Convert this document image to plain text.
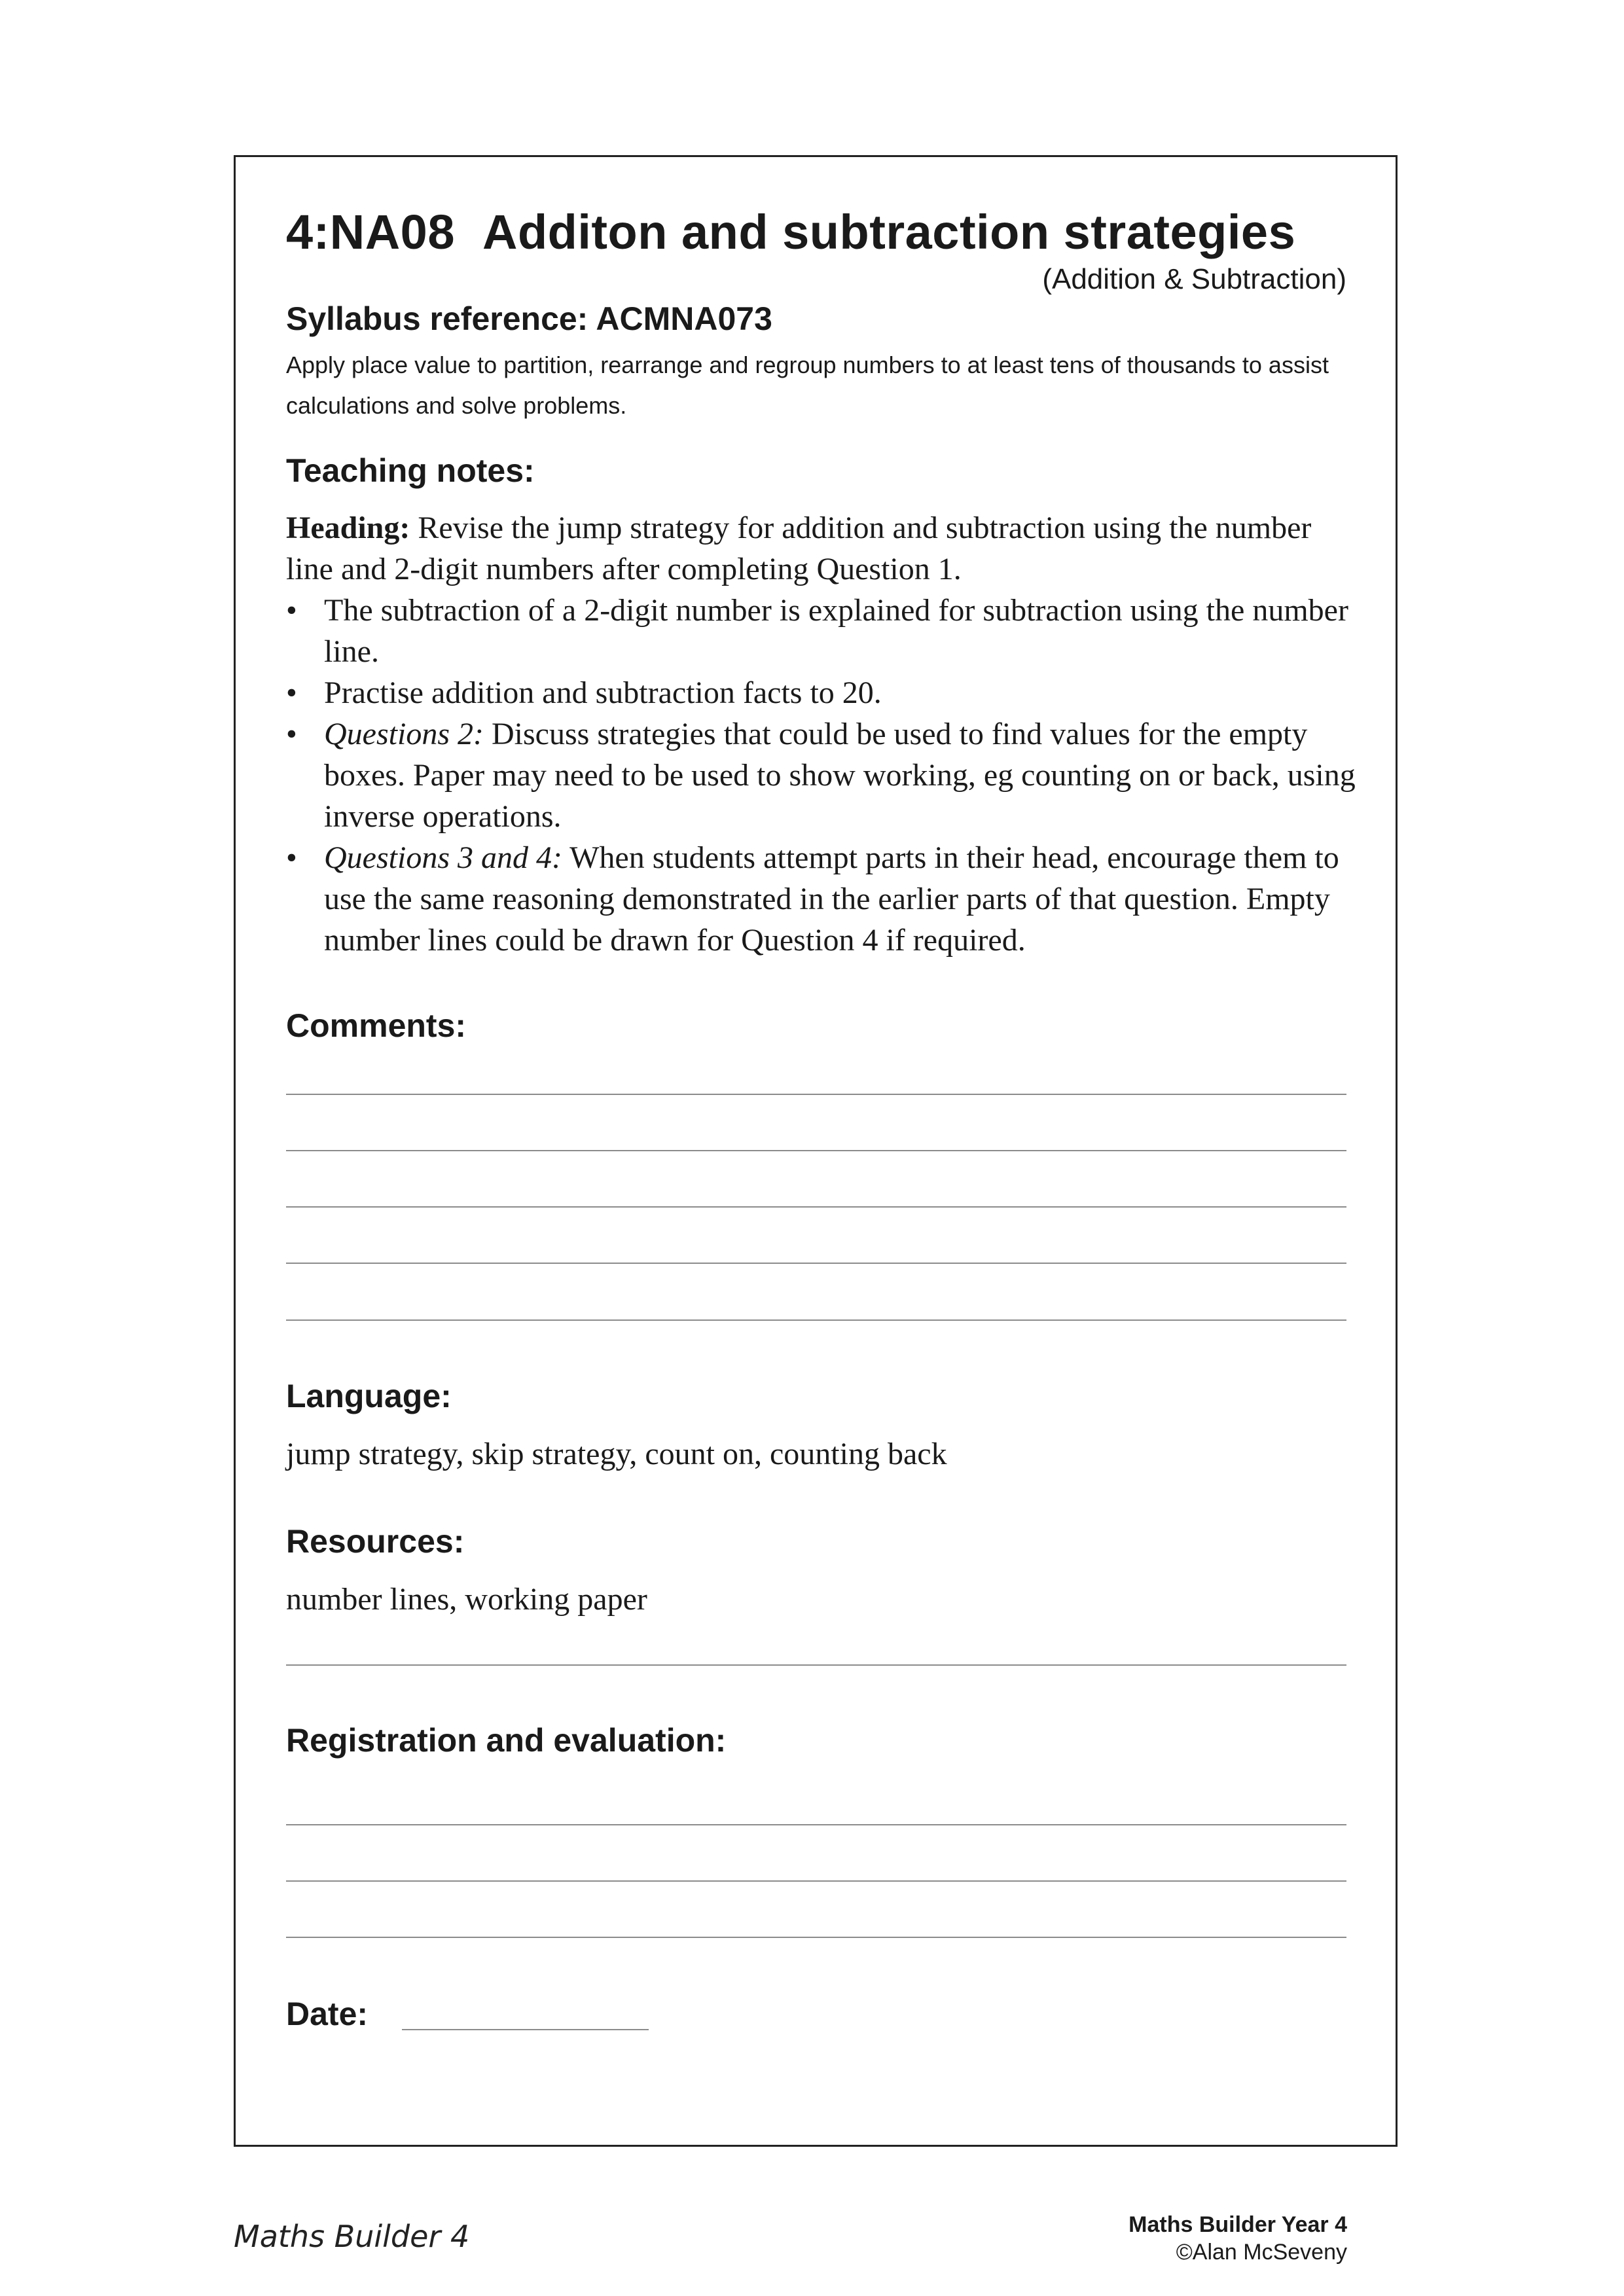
4:NA08 Additon and subtraction strategies
(Addition & Subtraction)
Syllabus reference: ACMNA073
Apply place value to partition, rearrange and regroup numbers to at least tens of thousands to assist calculations and solve problems.
Teaching notes:

Heading: Revise the jump strategy for addition and subtraction using the number line and 2-digit numbers after completing Question 1.

• The subtraction of a 2-digit number is explained for subtraction using the number line.
• Practise addition and subtraction facts to 20.
• Questions 2: Discuss strategies that could be used to find values for the empty boxes. Paper may need to be used to show working, eg counting on or back, using inverse operations.
• Questions 3 and 4: When students attempt parts in their head, encourage them to use the same reasoning demonstrated in the earlier parts of that question. Empty number lines could be drawn for Question 4 if required.
Comments:
Language:
jump strategy, skip strategy, count on, counting back
Resources:
number lines, working paper
Registration and evaluation:
Date:
Maths Builder 4	Maths Builder Year 4
©Alan McSeveny
